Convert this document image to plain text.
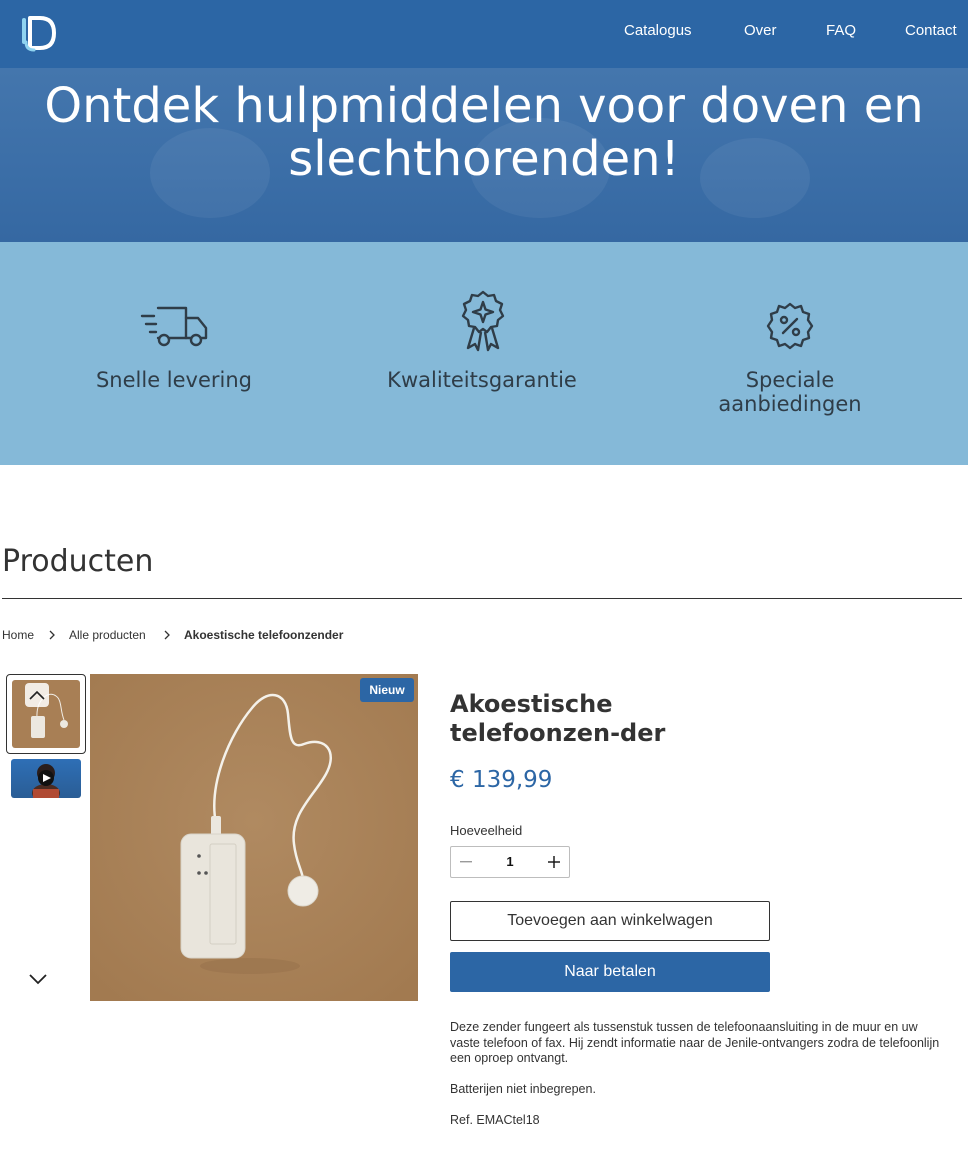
Catalogus	Over	FAQ	Contact
Ontdek hulpmiddelen voor doven en slechthorenden!
Snelle levering	Kwaliteitsgarantie	Speciale aanbiedingen
Producten
Home	Alle producten	Akoestische telefoonzender
Nieuw	Akoestische telefoonzen-der
€ 139,99
Hoeveelheid
1
Toevoegen aan winkelwagen
Naar betalen

Deze zender fungeert als tussenstuk tussen de telefoonaansluiting in de muur en uw vaste telefoon of fax. Hij zendt informatie naar de Jenile-ontvangers zodra de telefoonlijn een oproep ontvangt.

Batterijen niet inbegrepen.

Ref. EMACtel18
